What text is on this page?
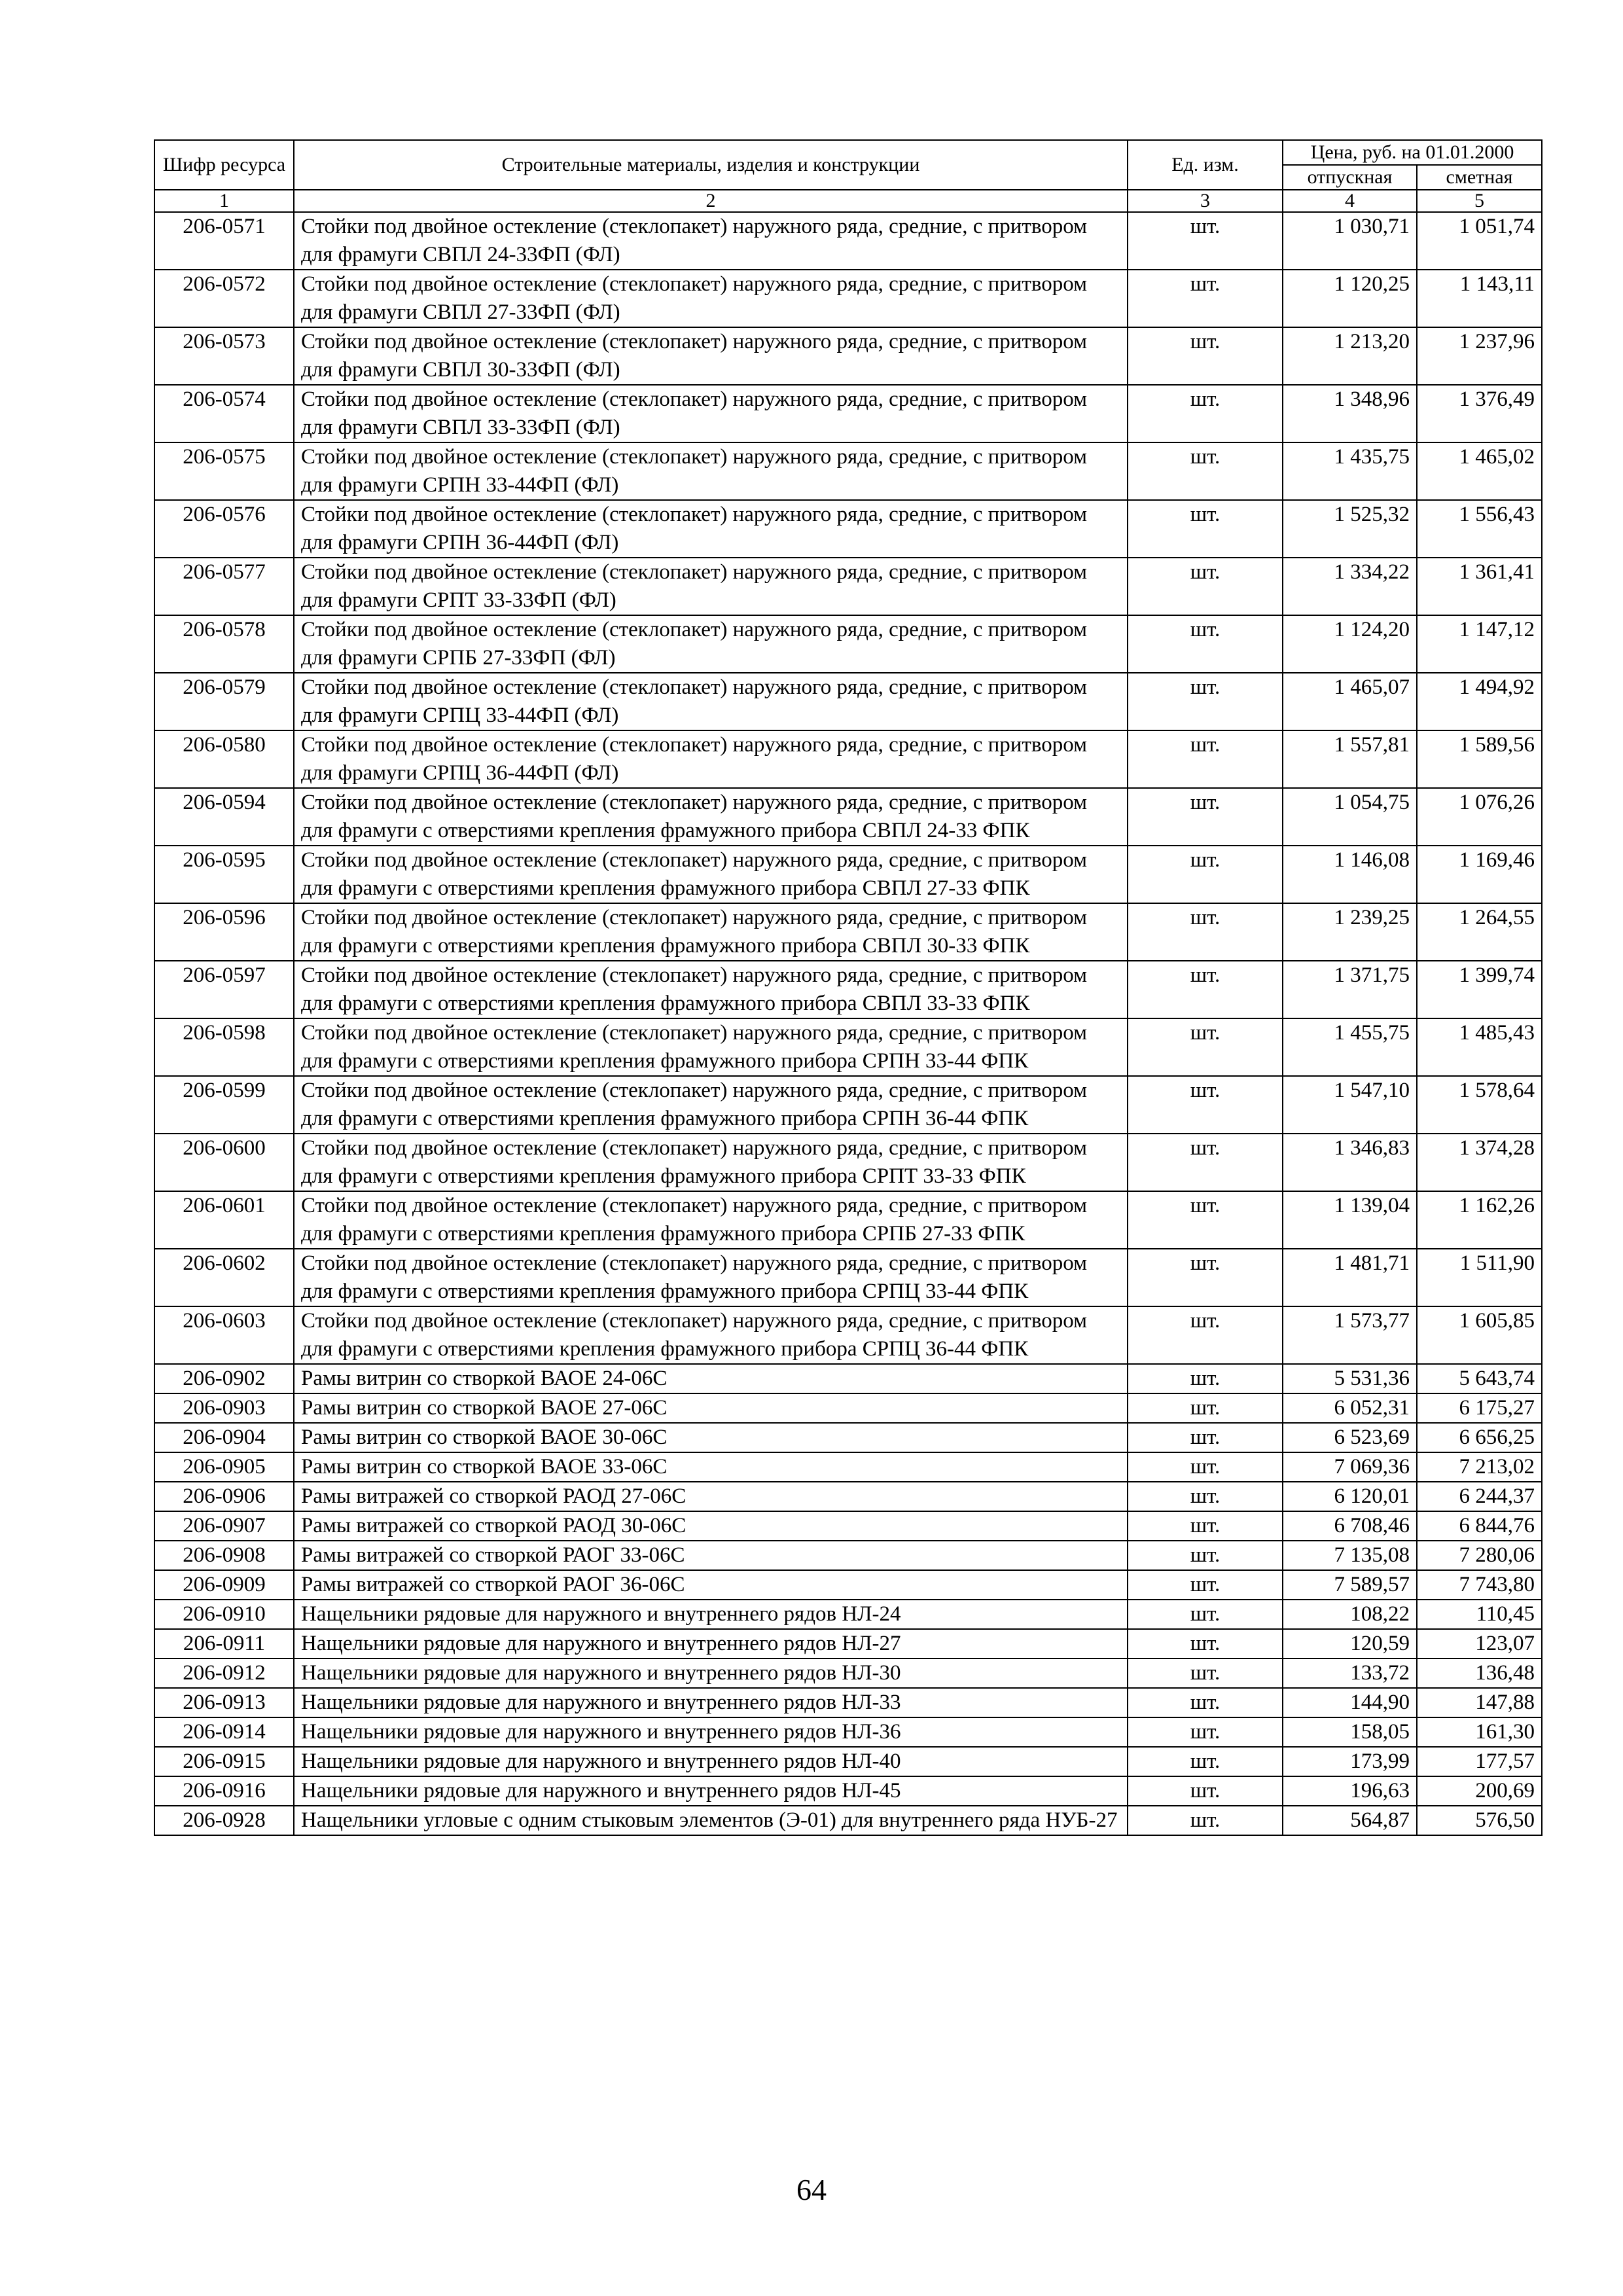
Шифр ресурса	Строительные материалы, изделия и конструкции	Ед. изм.	Цена, руб. на 01.01.2000	
			отпускная	сметная
1	2	3	4	5
206-0571	Стойки под двойное остекление (стеклопакет) наружного ряда, средние, с притвором для фрамуги СВПЛ 24-33ФП (ФЛ)	шт.	1 030,71	1 051,74
206-0572	Стойки под двойное остекление (стеклопакет) наружного ряда, средние, с притвором для фрамуги СВПЛ 27-33ФП (ФЛ)	шт.	1 120,25	1 143,11
206-0573	Стойки под двойное остекление (стеклопакет) наружного ряда, средние, с притвором для фрамуги СВПЛ 30-33ФП (ФЛ)	шт.	1 213,20	1 237,96
206-0574	Стойки под двойное остекление (стеклопакет) наружного ряда, средние, с притвором для фрамуги СВПЛ 33-33ФП (ФЛ)	шт.	1 348,96	1 376,49
206-0575	Стойки под двойное остекление (стеклопакет) наружного ряда, средние, с притвором для фрамуги СРПН 33-44ФП (ФЛ)	шт.	1 435,75	1 465,02
206-0576	Стойки под двойное остекление (стеклопакет) наружного ряда, средние, с притвором для фрамуги СРПН 36-44ФП (ФЛ)	шт.	1 525,32	1 556,43
206-0577	Стойки под двойное остекление (стеклопакет) наружного ряда, средние, с притвором для фрамуги СРПТ 33-33ФП (ФЛ)	шт.	1 334,22	1 361,41
206-0578	Стойки под двойное остекление (стеклопакет) наружного ряда, средние, с притвором для фрамуги СРПБ 27-33ФП (ФЛ)	шт.	1 124,20	1 147,12
206-0579	Стойки под двойное остекление (стеклопакет) наружного ряда, средние, с притвором для фрамуги СРПЦ 33-44ФП (ФЛ)	шт.	1 465,07	1 494,92
206-0580	Стойки под двойное остекление (стеклопакет) наружного ряда, средние, с притвором для фрамуги СРПЦ 36-44ФП (ФЛ)	шт.	1 557,81	1 589,56
206-0594	Стойки под двойное остекление (стеклопакет) наружного ряда, средние, с притвором для фрамуги с отверстиями крепления фрамужного прибора СВПЛ 24-33 ФПК	шт.	1 054,75	1 076,26
206-0595	Стойки под двойное остекление (стеклопакет) наружного ряда, средние, с притвором для фрамуги с отверстиями крепления фрамужного прибора СВПЛ 27-33 ФПК	шт.	1 146,08	1 169,46
206-0596	Стойки под двойное остекление (стеклопакет) наружного ряда, средние, с притвором для фрамуги с отверстиями крепления фрамужного прибора СВПЛ 30-33 ФПК	шт.	1 239,25	1 264,55
206-0597	Стойки под двойное остекление (стеклопакет) наружного ряда, средние, с притвором для фрамуги с отверстиями крепления фрамужного прибора СВПЛ 33-33 ФПК	шт.	1 371,75	1 399,74
206-0598	Стойки под двойное остекление (стеклопакет) наружного ряда, средние, с притвором для фрамуги с отверстиями крепления фрамужного прибора СРПН 33-44 ФПК	шт.	1 455,75	1 485,43
206-0599	Стойки под двойное остекление (стеклопакет) наружного ряда, средние, с притвором для фрамуги с отверстиями крепления фрамужного прибора СРПН 36-44 ФПК	шт.	1 547,10	1 578,64
206-0600	Стойки под двойное остекление (стеклопакет) наружного ряда, средние, с притвором для фрамуги с отверстиями крепления фрамужного прибора СРПТ 33-33 ФПК	шт.	1 346,83	1 374,28
206-0601	Стойки под двойное остекление (стеклопакет) наружного ряда, средние, с притвором для фрамуги с отверстиями крепления фрамужного прибора СРПБ 27-33 ФПК	шт.	1 139,04	1 162,26
206-0602	Стойки под двойное остекление (стеклопакет) наружного ряда, средние, с притвором для фрамуги с отверстиями крепления фрамужного прибора СРПЦ 33-44 ФПК	шт.	1 481,71	1 511,90
206-0603	Стойки под двойное остекление (стеклопакет) наружного ряда, средние, с притвором для фрамуги с отверстиями крепления фрамужного прибора СРПЦ 36-44 ФПК	шт.	1 573,77	1 605,85
206-0902	Рамы витрин со створкой ВАОЕ 24-06С	шт.	5 531,36	5 643,74
206-0903	Рамы витрин со створкой ВАОЕ 27-06С	шт.	6 052,31	6 175,27
206-0904	Рамы витрин со створкой ВАОЕ 30-06С	шт.	6 523,69	6 656,25
206-0905	Рамы витрин со створкой ВАОЕ 33-06С	шт.	7 069,36	7 213,02
206-0906	Рамы витражей со створкой РАОД 27-06С	шт.	6 120,01	6 244,37
206-0907	Рамы витражей со створкой РАОД 30-06С	шт.	6 708,46	6 844,76
206-0908	Рамы витражей со створкой РАОГ 33-06С	шт.	7 135,08	7 280,06
206-0909	Рамы витражей со створкой РАОГ 36-06С	шт.	7 589,57	7 743,80
206-0910	Нащельники рядовые для наружного и внутреннего рядов НЛ-24	шт.	108,22	110,45
206-0911	Нащельники рядовые для наружного и внутреннего рядов НЛ-27	шт.	120,59	123,07
206-0912	Нащельники рядовые для наружного и внутреннего рядов НЛ-30	шт.	133,72	136,48
206-0913	Нащельники рядовые для наружного и внутреннего рядов НЛ-33	шт.	144,90	147,88
206-0914	Нащельники рядовые для наружного и внутреннего рядов НЛ-36	шт.	158,05	161,30
206-0915	Нащельники рядовые для наружного и внутреннего рядов НЛ-40	шт.	173,99	177,57
206-0916	Нащельники рядовые для наружного и внутреннего рядов НЛ-45	шт.	196,63	200,69
206-0928	Нащельники угловые с одним стыковым элементов (Э-01) для внутреннего ряда НУБ-27	шт.	564,87	576,50
64
